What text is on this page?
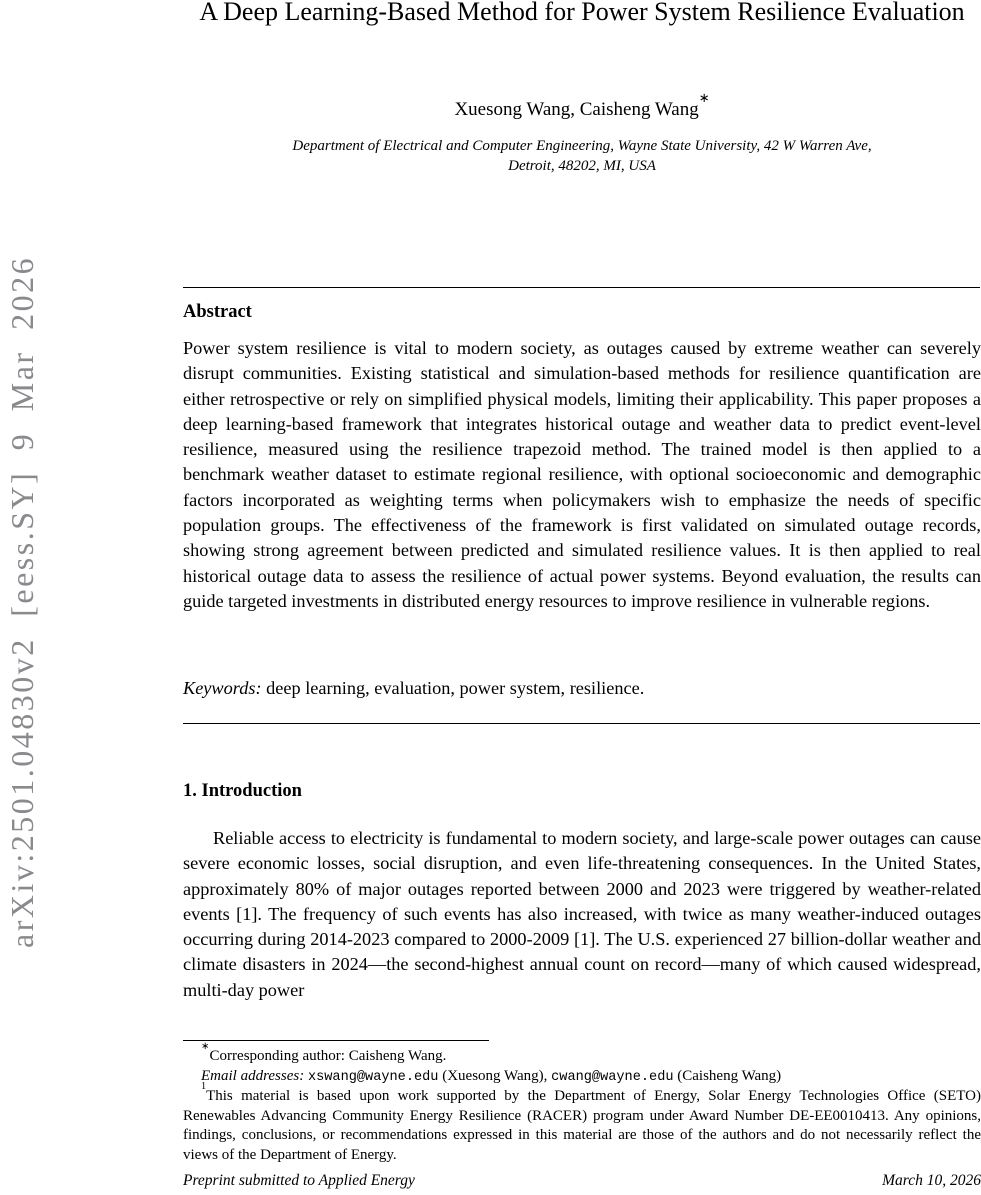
arXiv:2501.04830v2 [eess.SY] 9 Mar 2026
A Deep Learning-Based Method for Power System Resilience Evaluation
Xuesong Wang, Caisheng Wang∗
Department of Electrical and Computer Engineering, Wayne State University, 42 W Warren Ave, Detroit, 48202, MI, USA
Abstract

Power system resilience is vital to modern society, as outages caused by extreme weather can severely disrupt communities. Existing statistical and simulation-based methods for resilience quantification are either retrospective or rely on simplified physical models, limiting their applicability. This paper proposes a deep learning-based framework that integrates historical outage and weather data to predict event-level resilience, measured using the resilience trapezoid method. The trained model is then applied to a benchmark weather dataset to estimate regional resilience, with optional socioeconomic and demographic factors incorporated as weighting terms when policymakers wish to emphasize the needs of specific population groups. The effectiveness of the framework is first validated on simulated outage records, showing strong agreement between predicted and simulated resilience values. It is then applied to real historical outage data to assess the resilience of actual power systems. Beyond evaluation, the results can guide targeted investments in distributed energy resources to improve resilience in vulnerable regions.

Keywords: deep learning, evaluation, power system, resilience.
1. Introduction

Reliable access to electricity is fundamental to modern society, and large-scale power outages can cause severe economic losses, social disruption, and even life-threatening consequences. In the United States, approximately 80% of major outages reported between 2000 and 2023 were triggered by weather-related events [1]. The frequency of such events has also increased, with twice as many weather-induced outages occurring during 2014-2023 compared to 2000-2009 [1]. The U.S. experienced 27 billion-dollar weather and climate disasters in 2024—the second-highest annual count on record—many of which caused widespread, multi-day power

∗Corresponding author: Caisheng Wang.

Email addresses: xswang@wayne.edu (Xuesong Wang), cwang@wayne.edu (Caisheng Wang)

$^1$This material is based upon work supported by the Department of Energy, Solar Energy Technologies Office (SETO) Renewables Advancing Community Energy Resilience (RACER) program under Award Number DE-EE0010413. Any opinions, findings, conclusions, or recommendations expressed in this material are those of the authors and do not necessarily reflect the views of the Department of Energy.

Preprint submitted to Applied Energy	March 10, 2026
